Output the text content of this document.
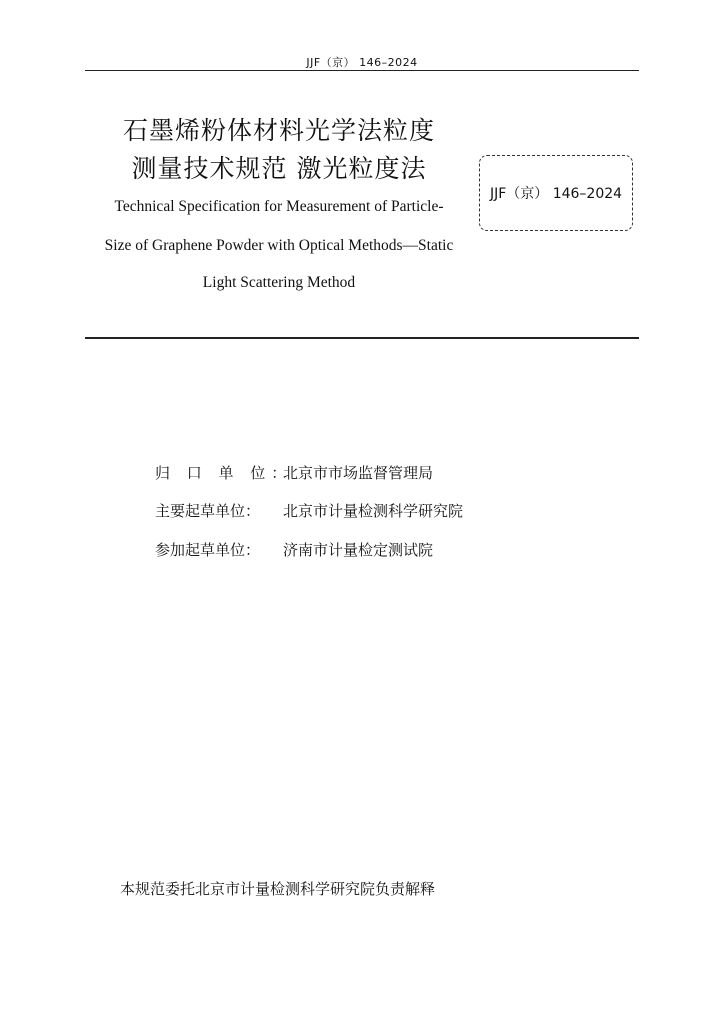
JJF（京） 146–2024
石墨烯粉体材料光学法粒度
测量技术规范 激光粒度法
JJF（京） 146–2024
Technical Specification for Measurement of Particle-
Size of Graphene Powder with Optical Methods—Static
Light Scattering Method
归 口 单 位：
北京市市场监督管理局
主要起草单位：	北京市计量检测科学研究院
参加起草单位：	济南市计量检定测试院
本规范委托北京市计量检测科学研究院负责解释
